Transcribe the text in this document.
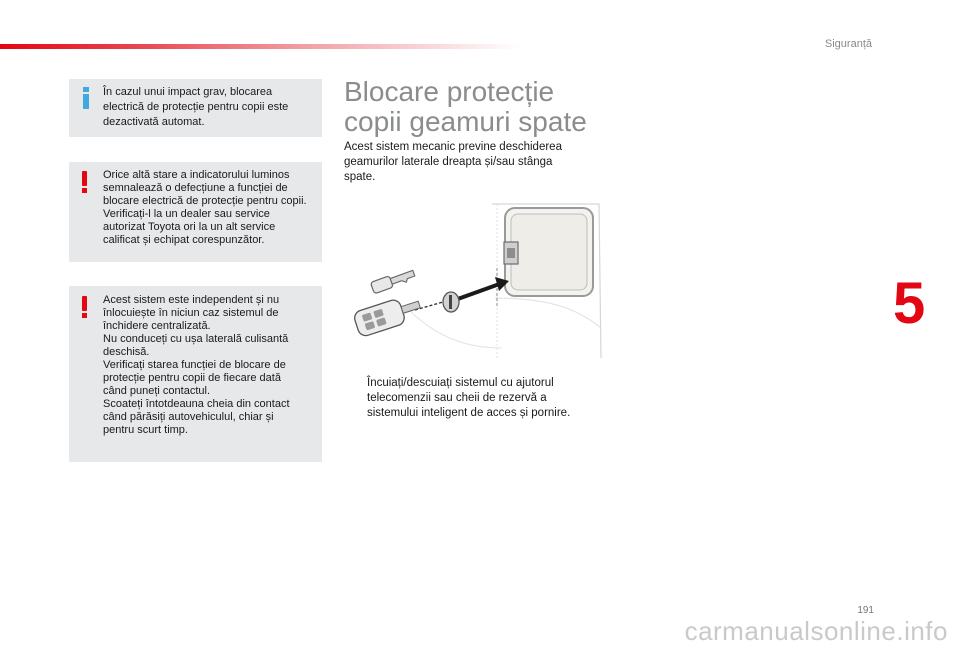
Siguranță
În cazul unui impact grav, blocarea
electrică de protecție pentru copii este
dezactivată automat.
Orice altă stare a indicatorului luminos
semnalează o defecțiune a funcției de
blocare electrică de protecție pentru copii.
Verificați-l la un dealer sau service
autorizat Toyota ori la un alt service
calificat și echipat corespunzător.
Acest sistem este independent și nu
înlocuiește în niciun caz sistemul de
închidere centralizată.
Nu conduceți cu ușa laterală culisantă
deschisă.
Verificați starea funcției de blocare de
protecție pentru copii de fiecare dată
când puneți contactul.
Scoateți întotdeauna cheia din contact
când părăsiți autovehiculul, chiar și
pentru scurt timp.
Blocare protecție
copii geamuri spate
Acest sistem mecanic previne deschiderea
geamurilor laterale dreapta și/sau stânga
spate.
Încuiați/descuiați sistemul cu ajutorul
telecomenzii sau cheii de rezervă a
sistemului inteligent de acces și pornire.
5
191
carmanualsonline.info
